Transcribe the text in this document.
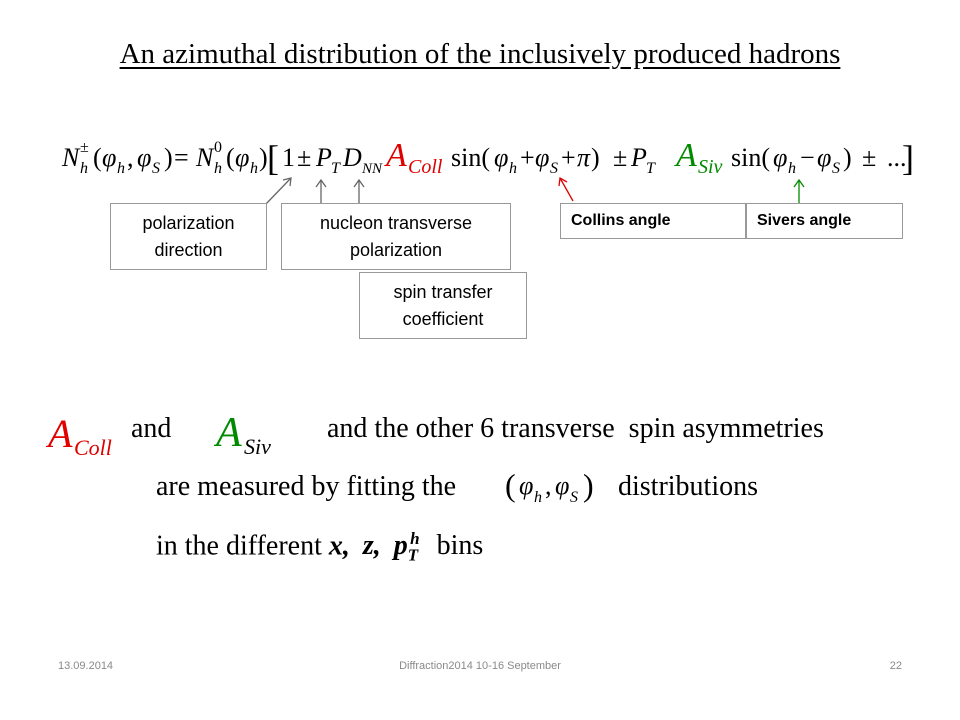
An azimuthal distribution of the inclusively produced hadrons
N h
± ( φ h , φ S ) = N h
0 ( φ h ) [ 1 ± P T D NN A Coll sin( φ h + φ S + π ) ± P T A Siv sin( φ h − φ S ) ± ...
]
polarization
direction
nucleon transverse
polarization
spin transfer
coefficient
Collins angle	Sivers angle
A Coll
and A Siv
and the other 6 transverse  spin asymmetries
are measured by fitting the ( φ h , φ S ) distributions
in the different x, z, $p_T^h$ bins
13.09.2014	Diffraction2014 10-16 September	22
